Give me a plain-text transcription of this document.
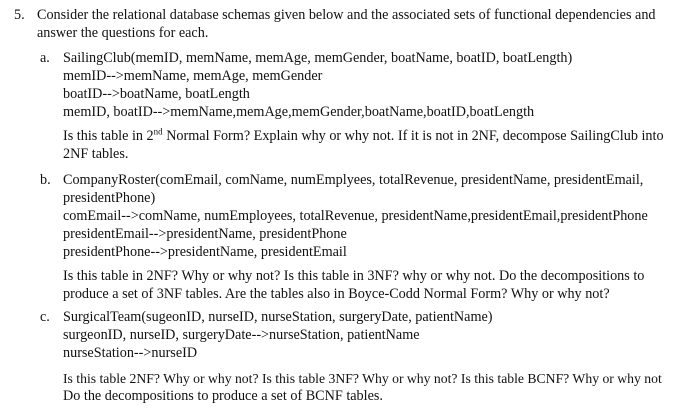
5. Consider the relational database schemas given below and the associated sets of functional dependencies and
answer the questions for each.
a. SailingClub(memID, memName, memAge, memGender, boatName, boatID, boatLength)
memID-->memName, memAge, memGender
boatID-->boatName, boatLength
memID, boatID-->memName,memAge,memGender,boatName,boatID,boatLength
Is this table in 2nd Normal Form? Explain why or why not. If it is not in 2NF, decompose SailingClub into
2NF tables.
b. CompanyRoster(comEmail, comName, numEmplyees, totalRevenue, presidentName, presidentEmail,
presidentPhone)
comEmail-->comName, numEmployees, totalRevenue, presidentName,presidentEmail,presidentPhone
presidentEmail-->presidentName, presidentPhone
presidentPhone-->presidentName, presidentEmail
Is this table in 2NF? Why or why not? Is this table in 3NF? why or why not. Do the decompositions to
produce a set of 3NF tables. Are the tables also in Boyce-Codd Normal Form? Why or why not?
c. SurgicalTeam(sugeonID, nurseID, nurseStation, surgeryDate, patientName)
surgeonID, nurseID, surgeryDate-->nurseStation, patientName
nurseStation-->nurseID
Is this table 2NF? Why or why not? Is this table 3NF? Why or why not? Is this table BCNF? Why or why not
Do the decompositions to produce a set of BCNF tables.
